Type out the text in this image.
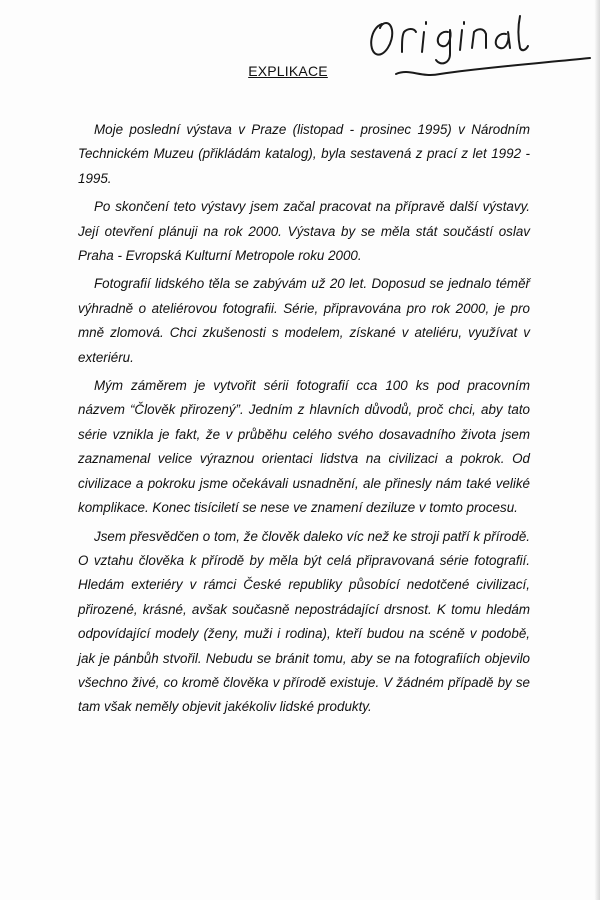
EXPLIKACE

Moje poslední výstava v Praze (listopad - prosinec 1995) v Národním Technickém Muzeu (přikládám katalog), byla sestavená z prací z let 1992 - 1995.

Po skončení teto výstavy jsem začal pracovat na přípravě další výstavy. Její otevření plánuji na rok 2000. Výstava by se měla stát součástí oslav Praha - Evropská Kulturní Metropole roku 2000.

Fotografií lidského těla se zabývám už 20 let. Doposud se jednalo téměř výhradně o ateliérovou fotografii. Série, připravována pro rok 2000, je pro mně zlomová. Chci zkušenosti s modelem, získané v ateliéru, využívat v exteriéru.

Mým záměrem je vytvořit sérii fotografií cca 100 ks pod pracovním názvem “Člověk přirozený”. Jedním z hlavních důvodů, proč chci, aby tato série vznikla je fakt, že v průběhu celého svého dosavadního života jsem zaznamenal velice výraznou orientaci lidstva na civilizaci a pokrok. Od civilizace a pokroku jsme očekávali usnadnění, ale přinesly nám také veliké komplikace. Konec tisíciletí se nese ve znamení deziluze v tomto procesu.

Jsem přesvědčen o tom, že člověk daleko víc než ke stroji patří k přírodě. O vztahu člověka k přírodě by měla být celá připravovaná série fotografií. Hledám exteriéry v rámci České republiky působící nedotčené civilizací, přirozené, krásné, avšak současně nepostrádající drsnost. K tomu hledám odpovídající modely (ženy, muži i rodina), kteří budou na scéně v podobě, jak je pánbůh stvořil. Nebudu se bránit tomu, aby se na fotografiích objevilo všechno živé, co kromě člověka v přírodě existuje. V žádném případě by se tam však neměly objevit jakékoliv lidské produkty.
